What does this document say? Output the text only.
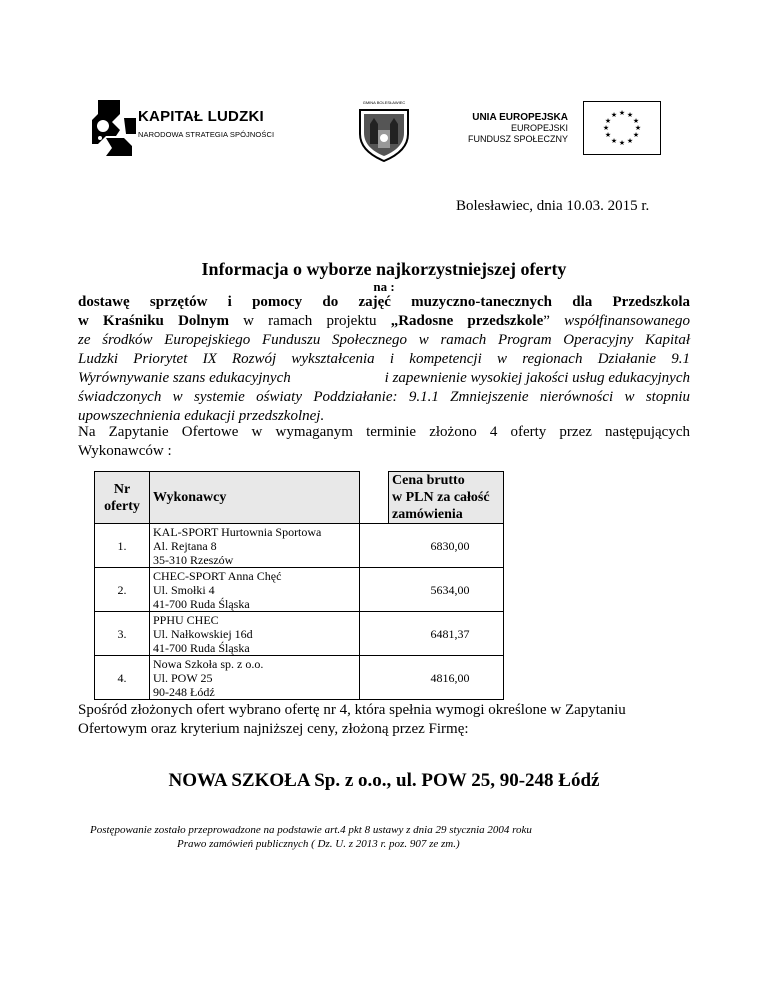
KAPITAŁ LUDZKI
NARODOWA STRATEGIA SPÓJNOŚCI
GMINA BOLESŁAWIEC
UNIA EUROPEJSKA
EUROPEJSKI
FUNDUSZ SPOŁECZNY
★ ★
★
★
★
★
★
★
★
★
★
★
Bolesławiec, dnia 10.03. 2015 r.
Informacja o wyborze najkorzystniejszej oferty
na :
dostawę sprzętów i pomocy do zajęć muzyczno-tanecznych dla Przedszkola
w Kraśniku Dolnym w ramach projektu „Radosne przedszkole” współfinansowanego
ze środków Europejskiego Funduszu Społecznego w ramach Program Operacyjny Kapitał
Ludzki Priorytet IX Rozwój wykształcenia i kompetencji w regionach Działanie 9.1
Wyrównywanie szans edukacyjnych	i zapewnienie wysokiej jakości usług edukacyjnych
świadczonych w systemie oświaty Poddziałanie: 9.1.1 Zmniejszenie nierówności w stopniu
upowszechnienia edukacji przedszkolnej.
Na Zapytanie Ofertowe w wymaganym terminie złożono 4 oferty przez następujących
Wykonawców :
Nr oferty	Wykonawcy		Cena brutto
w PLN za całość
zamówienia

1.	KAL-SPORT Hurtownia Sportowa
Al. Rejtana 8
35-310 Rzeszów	6830,00	
2.	CHEC-SPORT Anna Chęć
Ul. Smołki 4
41-700 Ruda Śląska	5634,00	
3.	PPHU CHEC
Ul. Nałkowskiej 16d
41-700 Ruda Śląska	6481,37	
4.	Nowa Szkoła sp. z o.o.
Ul. POW 25
90-248 Łódź	4816,00	
Spośród złożonych ofert wybrano ofertę nr 4, która spełnia wymogi określone w Zapytaniu
Ofertowym oraz kryterium najniższej ceny, złożoną przez Firmę:
NOWA SZKOŁA Sp. z o.o., ul. POW 25, 90-248 Łódź
Postępowanie zostało przeprowadzone na podstawie art.4 pkt 8 ustawy z dnia 29 stycznia 2004 roku
Prawo zamówień publicznych ( Dz. U. z 2013 r. poz. 907 ze zm.)
